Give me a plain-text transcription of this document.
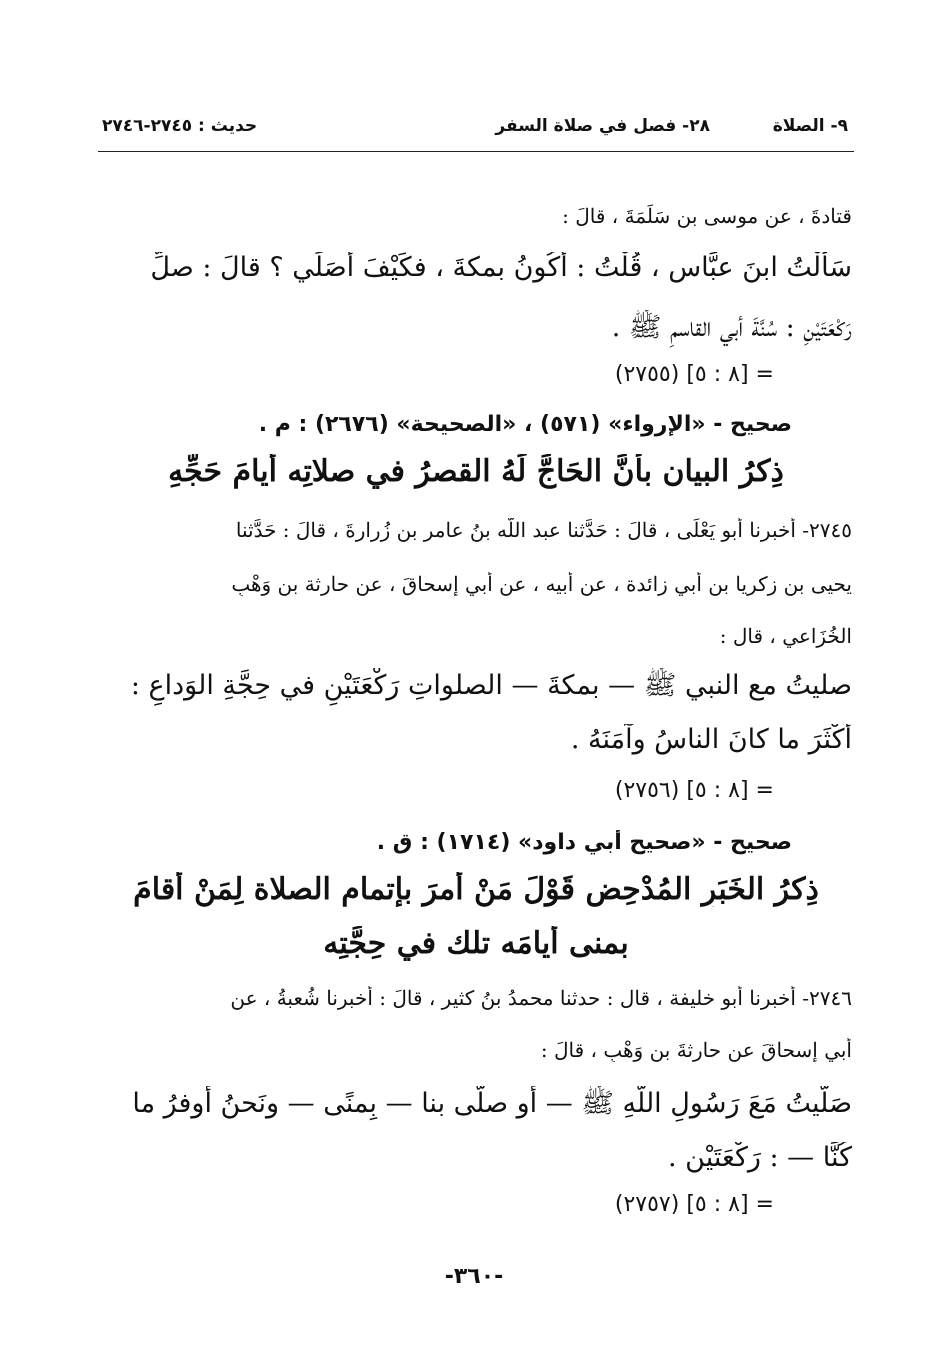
٩- الصلاة
٢٨- فصل في صلاة السفر
حديث : ٢٧٤٥-٢٧٤٦
قتادةَ ، عن موسى بن سَلَمَةَ ، قالَ :
سَأَلْتُ ابنَ عبَّاس ، قُلْتُ : أَكُونُ بمكةَ ، فكَيْفَ أُصَلِّي ؟ قالَ : صلِّ
رَكْعَتَيْنِ : سُنَّةَ أبي القاسمِ ﷺ .
= [٨ : ٥] (٢٧٥٥)
صحيح - «الإرواء» (٥٧١) ، «الصحيحة» (٢٦٧٦) : م .
ذِكرُ البيان بأنَّ الحَاجَّ لَهُ القصرُ في صلاتِه أيامَ حَجِّهِ
٢٧٤٥- أخبرنا أبو يَعْلَى ، قالَ : حَدَّثنا عبد اللّه بنُ عامر بن زُرارةَ ، قالَ : حَدَّثنا
يحيى بن زكريا بن أبي زائدة ، عن أبيه ، عن أبي إسحاقَ ، عن حارثة بن وَهْبٍ
الخُزَاعي ، قال :
صليتُ مع النبي ﷺ — بمكةَ — الصلواتِ رَكْعَتَيْنِ في حِجَّةِ الوَداعِ :
أَكْثَرَ ما كانَ الناسُ وآمَنَهُ .
= [٨ : ٥] (٢٧٥٦)
صحيح - «صحيح أبي داود» (١٧١٤) : ق .
ذِكرُ الخَبَرِ المُدْحِضِ قَوْلَ مَنْ أمرَ بإتمامِ الصلاة لِمَنْ أقامَ
بمنى أيامَه تلك في حِجَّتِه
٢٧٤٦- أخبرنا أبو خليفة ، قال : حدثنا محمدُ بنُ كثيرٍ ، قالَ : أخبرنا شُعبةُ ، عن
أبي إسحاقَ عن حارثةَ بنِ وَهْبٍ ، قالَ :
صَلَّيتُ مَعَ رَسُولِ اللّهِ ﷺ — أو صلَّى بنا — بِمنًى — ونَحنُ أوفرُ ما
كُنَّا — : رَكْعَتَيْنِ .
= [٨ : ٥] (٢٧٥٧)
-٣٦٠-
